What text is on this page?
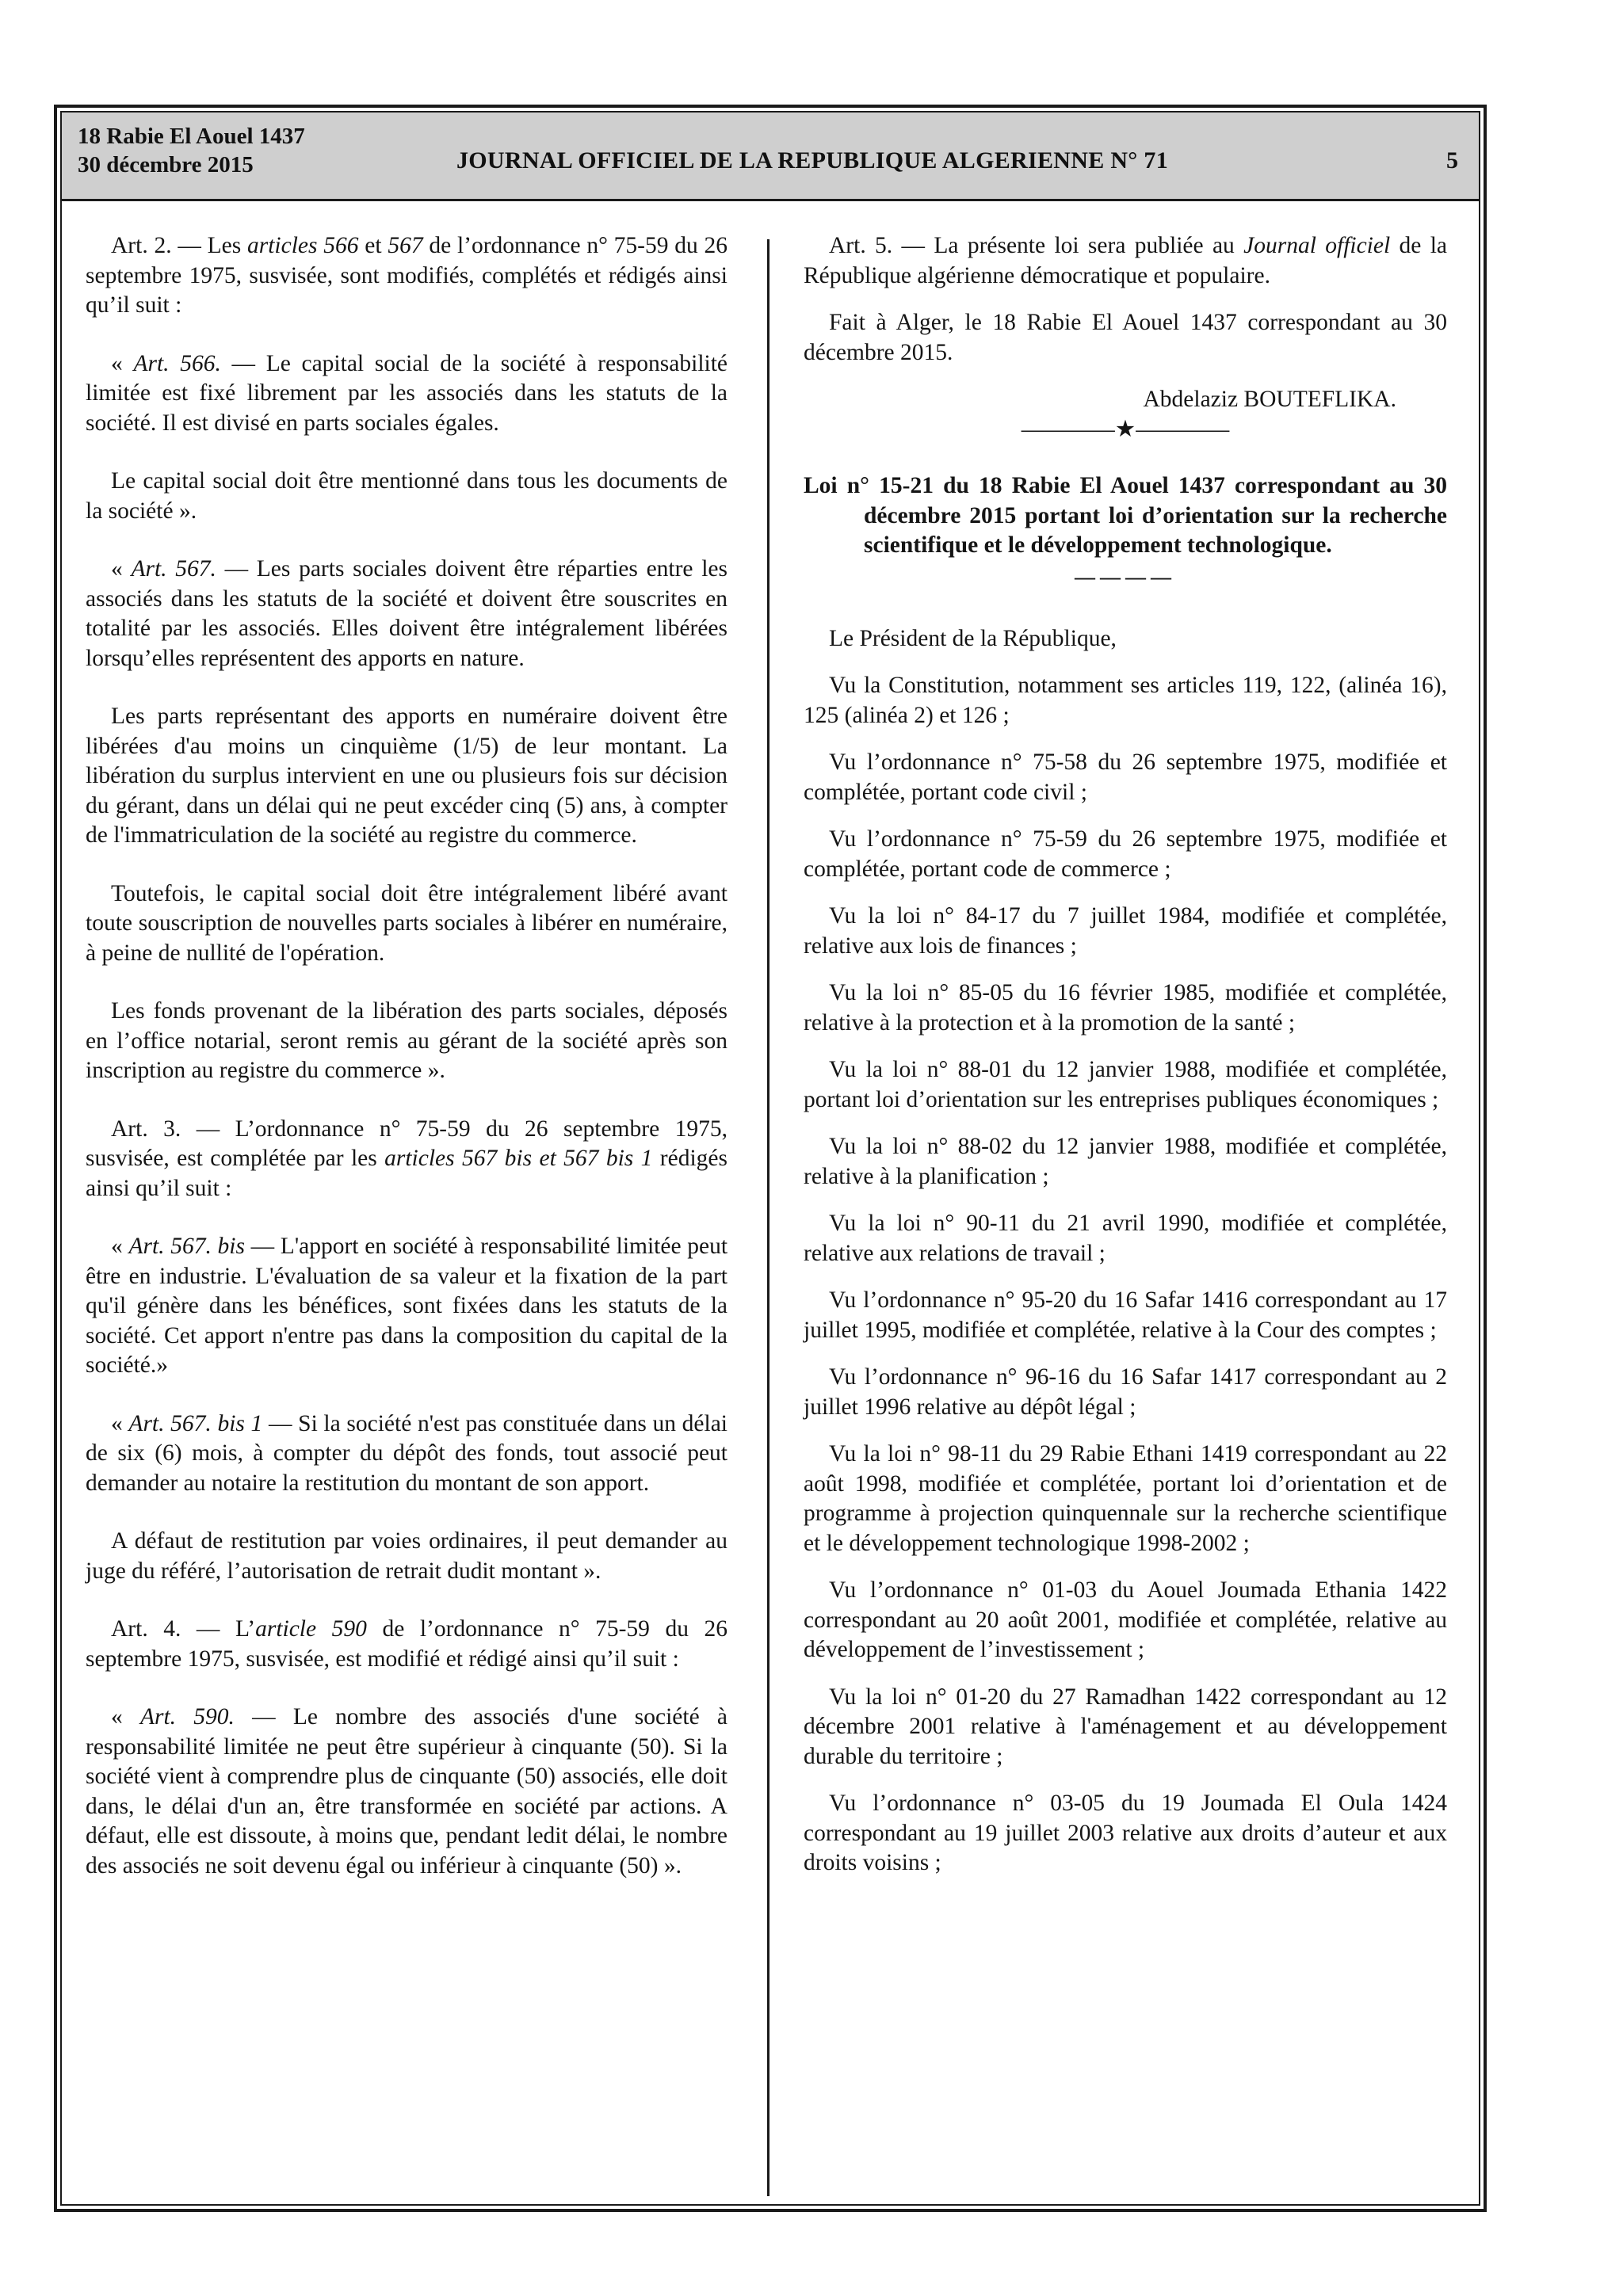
18 Rabie El Aouel 1437
30 décembre 2015	JOURNAL OFFICIEL DE LA REPUBLIQUE ALGERIENNE N° 71	5

Art. 2. — Les articles 566 et 567 de l’ordonnance n° 75-59 du 26 septembre 1975, susvisée, sont modifiés, complétés et rédigés ainsi qu’il suit :

« Art. 566. — Le capital social de la société à responsabilité limitée est fixé librement par les associés dans les statuts de la société. Il est divisé en parts sociales égales.

Le capital social doit être mentionné dans tous les documents de la société ».

« Art. 567. — Les parts sociales doivent être réparties entre les associés dans les statuts de la société et doivent être souscrites en totalité par les associés. Elles doivent être intégralement libérées lorsqu’elles représentent des apports en nature.

Les parts représentant des apports en numéraire doivent être libérées d'au moins un cinquième (1/5) de leur montant. La libération du surplus intervient en une ou plusieurs fois sur décision du gérant, dans un délai qui ne peut excéder cinq (5) ans, à compter de l'immatriculation de la société au registre du commerce.

Toutefois, le capital social doit être intégralement libéré avant toute souscription de nouvelles parts sociales à libérer en numéraire, à peine de nullité de l'opération.

Les fonds provenant de la libération des parts sociales, déposés en l’office notarial, seront remis au gérant de la société après son inscription au registre du commerce ».

Art. 3. — L’ordonnance n° 75-59 du 26 septembre 1975, susvisée, est complétée par les articles 567 bis et 567 bis 1 rédigés ainsi qu’il suit :

« Art. 567. bis — L'apport en société à responsabilité limitée peut être en industrie. L'évaluation de sa valeur et la fixation de la part qu'il génère dans les bénéfices, sont fixées dans les statuts de la société. Cet apport n'entre pas dans la composition du capital de la société.»

« Art. 567. bis 1 — Si la société n'est pas constituée dans un délai de six (6) mois, à compter du dépôt des fonds, tout associé peut demander au notaire la restitution du montant de son apport.

A défaut de restitution par voies ordinaires, il peut demander au juge du référé, l’autorisation de retrait dudit montant ».

Art. 4. — L’article 590 de l’ordonnance n° 75-59 du 26 septembre 1975, susvisée, est modifié et rédigé ainsi qu’il suit :

« Art. 590. — Le nombre des associés d'une société à responsabilité limitée ne peut être supérieur à cinquante (50). Si la société vient à comprendre plus de cinquante (50) associés, elle doit dans, le délai d'un an, être transformée en société par actions. A défaut, elle est dissoute, à moins que, pendant ledit délai, le nombre des associés ne soit devenu égal ou inférieur à cinquante (50) ».

Art. 5. — La présente loi sera publiée au Journal officiel de la République algérienne démocratique et populaire.

Fait à Alger, le 18 Rabie El Aouel 1437 correspondant au 30 décembre 2015.

Abdelaziz BOUTEFLIKA.

————★————

Loi n° 15-21 du 18 Rabie El Aouel 1437 correspondant au 30 décembre 2015 portant loi d’orientation sur la recherche scientifique et le développement technologique.

————

Le Président de la République,

Vu la Constitution, notamment ses articles 119, 122, (alinéa 16), 125 (alinéa 2) et 126 ;

Vu l’ordonnance n° 75-58 du 26 septembre 1975, modifiée et complétée, portant code civil ;

Vu l’ordonnance n° 75-59 du 26 septembre 1975, modifiée et complétée, portant code de commerce ;

Vu la loi n° 84-17 du 7 juillet 1984, modifiée et complétée, relative aux lois de finances ;

Vu la loi n° 85-05 du 16 février 1985, modifiée et complétée, relative à la protection et à la promotion de la santé ;

Vu la loi n° 88-01 du 12 janvier 1988, modifiée et complétée, portant loi d’orientation sur les entreprises publiques économiques ;

Vu la loi n° 88-02 du 12 janvier 1988, modifiée et complétée, relative à la planification ;

Vu la loi n° 90-11 du 21 avril 1990, modifiée et complétée, relative aux relations de travail ;

Vu l’ordonnance n° 95-20 du 16 Safar 1416 correspondant au 17 juillet 1995, modifiée et complétée, relative à la Cour des comptes ;

Vu l’ordonnance n° 96-16 du 16 Safar 1417 correspondant au 2 juillet 1996 relative au dépôt légal ;

Vu la loi n° 98-11 du 29 Rabie Ethani 1419 correspondant au 22 août 1998, modifiée et complétée, portant loi d’orientation et de programme à projection quinquennale sur la recherche scientifique et le développement technologique 1998-2002 ;

Vu l’ordonnance n° 01-03 du Aouel Joumada Ethania 1422 correspondant au 20 août 2001, modifiée et complétée, relative au développement de l’investissement ;

Vu la loi n° 01-20 du 27 Ramadhan 1422 correspondant au 12 décembre 2001 relative à l'aménagement et au développement durable du territoire ;

Vu l’ordonnance n° 03-05 du 19 Joumada El Oula 1424 correspondant au 19 juillet 2003 relative aux droits d’auteur et aux droits voisins ;
